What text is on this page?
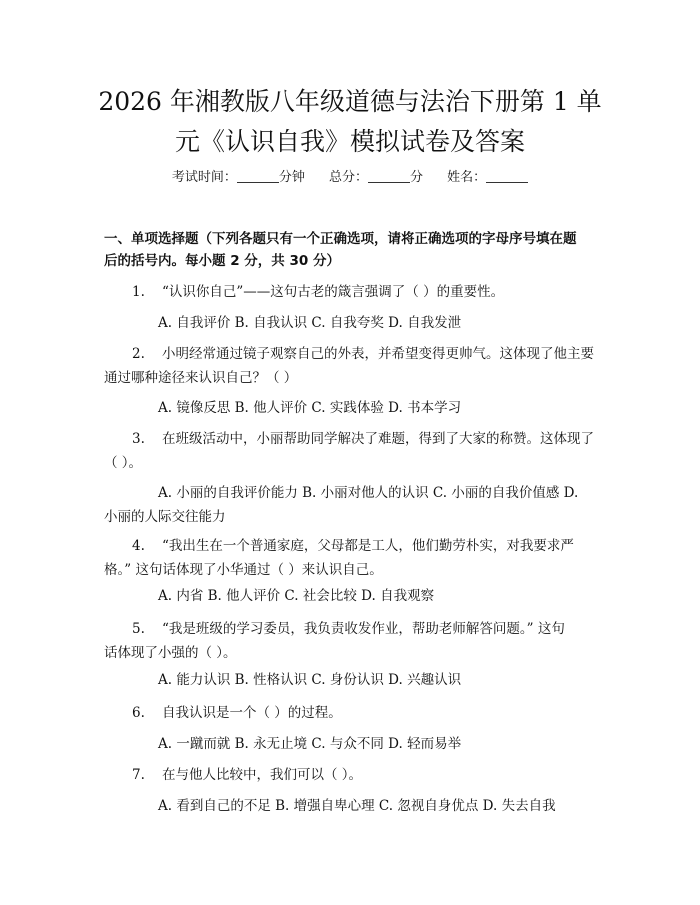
2026 年湘教版八年级道德与法治下册第 1 单
元《认识自我》模拟试卷及答案
考试时间：	分钟 总分：	分 姓名：
一、单项选择题（下列各题只有一个正确选项，请将正确选项的字母序号填在题
后的括号内。每小题 2 分，共 30 分）
1. “认识你自己”——这句古老的箴言强调了（ ）的重要性。
A. 自我评价 B. 自我认识 C. 自我夸奖 D. 自我发泄
2. 小明经常通过镜子观察自己的外表，并希望变得更帅气。这体现了他主要
通过哪种途径来认识自己？（ ）
A. 镜像反思 B. 他人评价 C. 实践体验 D. 书本学习
3. 在班级活动中，小丽帮助同学解决了难题，得到了大家的称赞。这体现了
（ ）。
A. 小丽的自我评价能力 B. 小丽对他人的认识 C. 小丽的自我价值感 D.
小丽的人际交往能力
4. “我出生在一个普通家庭，父母都是工人，他们勤劳朴实，对我要求严
格。” 这句话体现了小华通过（ ）来认识自己。
A. 内省 B. 他人评价 C. 社会比较 D. 自我观察
5. “我是班级的学习委员，我负责收发作业，帮助老师解答问题。” 这句
话体现了小强的（ ）。
A. 能力认识 B. 性格认识 C. 身份认识 D. 兴趣认识
6. 自我认识是一个（ ）的过程。
A. 一蹴而就 B. 永无止境 C. 与众不同 D. 轻而易举
7. 在与他人比较中，我们可以（ ）。
A. 看到自己的不足 B. 增强自卑心理 C. 忽视自身优点 D. 失去自我
